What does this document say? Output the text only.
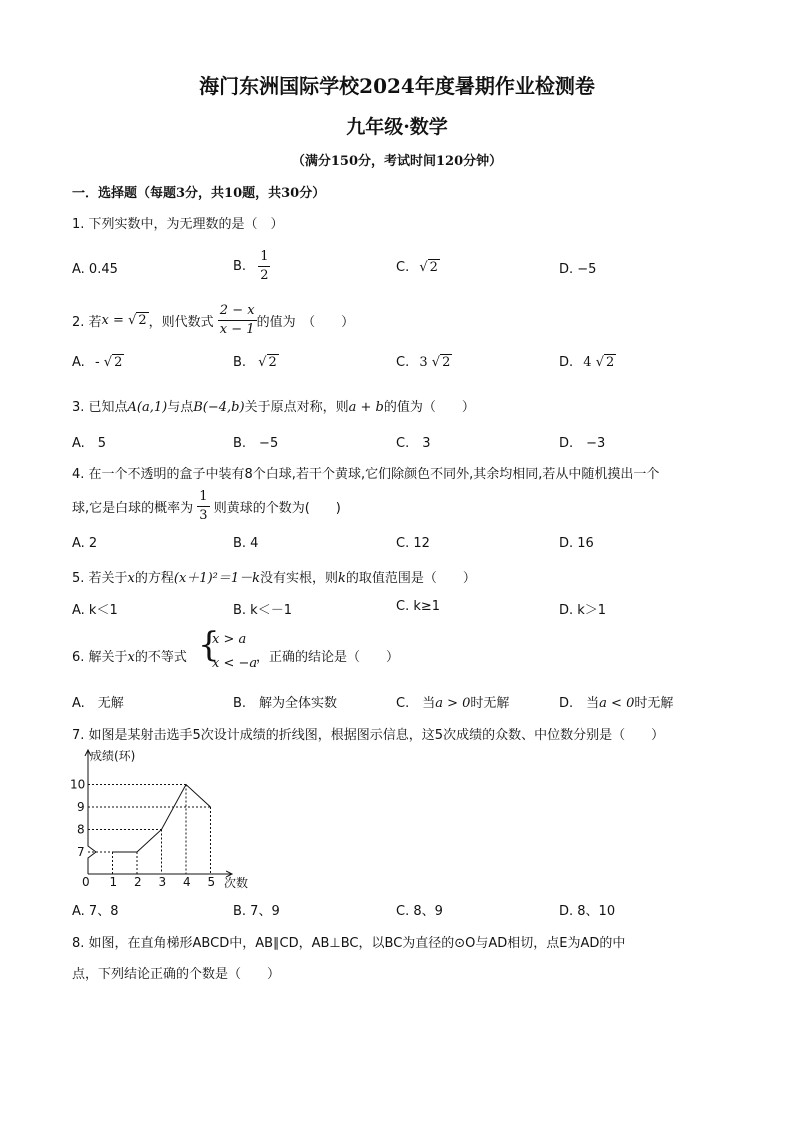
海门东洲国际学校2024年度暑期作业检测卷
九年级·数学
（满分150分，考试时间120分钟）
一．选择题（每题3分，共10题，共30分）
1. 下列实数中，为无理数的是（　）
A. 0.45	B. $\frac{1}{2}$	C. √ 2	D. −5
2. 若x = √ 2 ，则代数式 $\frac{2 - x}{x - 1}$ 的值为　（　　）
A. - √ 2	B. √ 2	C. 3 √ 2	D. 4 √ 2
3. 已知点A(a,1)与点B(−4,b)关于原点对称，则a + b的值为（　　）
A.　5	B.　−5	C.　3	D.　−3
4. 在一个不透明的盒子中装有8个白球,若干个黄球,它们除颜色不同外,其余均相同,若从中随机摸出一个
球,它是白球的概率为 $\frac{1}{3}$ 则黄球的个数为(　　)
A. 2	B. 4	C. 12	D. 16
5. 若关于x的方程(x＋1)²＝1－k没有实根，则k的取值范围是（　　）
A. k＜1	B. k＜－1	C. k≥1	D. k＞1
6. 解关于x的不等式 {
x > a
x < −a
，正确的结论是（　　）
A.　无解	B.　解为全体实数	C.　当a > 0时无解	D.　当a < 0时无解
7. 如图是某射击选手5次设计成绩的折线图，根据图示信息，这5次成绩的众数、中位数分别是（　　）
0 1 2 3 4 5
7
8
9
10
成绩(环)
次数
A. 7、8	B. 7、9	C. 8、9	D. 8、10
8. 如图，在直角梯形ABCD中，AB∥CD，AB⊥BC，以BC为直径的⊙O与AD相切，点E为AD的中
点，下列结论正确的个数是（　　）
